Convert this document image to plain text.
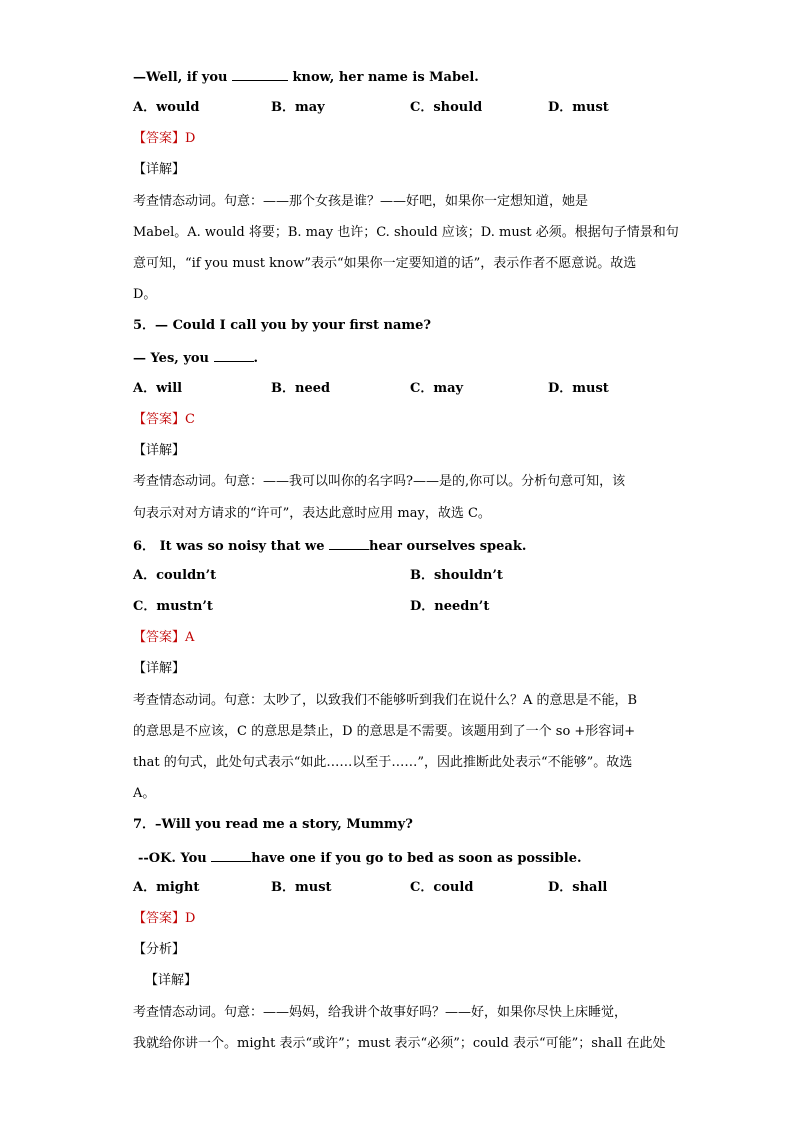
—Well, if you	know, her name is Mabel.
A．would	B．may	C．should	D．must
【答案】D
【详解】
考查情态动词。句意：——那个女孩是谁？——好吧，如果你一定想知道，她是
Mabel。A. would 将要；B. may 也许；C. should 应该；D. must 必须。根据句子情景和句
意可知，“if you must know”表示“如果你一定要知道的话”，表示作者不愿意说。故选
D。
5．— Could I call you by your first name?
— Yes, you	.
A．will	B．need	C．may	D．must
【答案】C
【详解】
考查情态动词。句意：——我可以叫你的名字吗?——是的,你可以。分析句意可知，该
句表示对对方请求的“许可”，表达此意时应用 may，故选 C。
6． It was so noisy that we	hear ourselves speak.
A．couldn’t	B．shouldn’t
C．mustn’t	D．needn’t
【答案】A
【详解】
考查情态动词。句意：太吵了，以致我们不能够听到我们在说什么？A 的意思是不能，B
的意思是不应该，C 的意思是禁止，D 的意思是不需要。该题用到了一个 so +形容词+
that 的句式，此处句式表示“如此……以至于……”，因此推断此处表示“不能够”。故选
A。
7．–Will you read me a story, Mummy?
--OK. You	have one if you go to bed as soon as possible.
A．might	B．must	C．could	D．shall
【答案】D
【分析】
【详解】
考查情态动词。句意：——妈妈，给我讲个故事好吗？——好，如果你尽快上床睡觉，
我就给你讲一个。might 表示“或许”；must 表示“必须”；could 表示“可能”；shall 在此处
